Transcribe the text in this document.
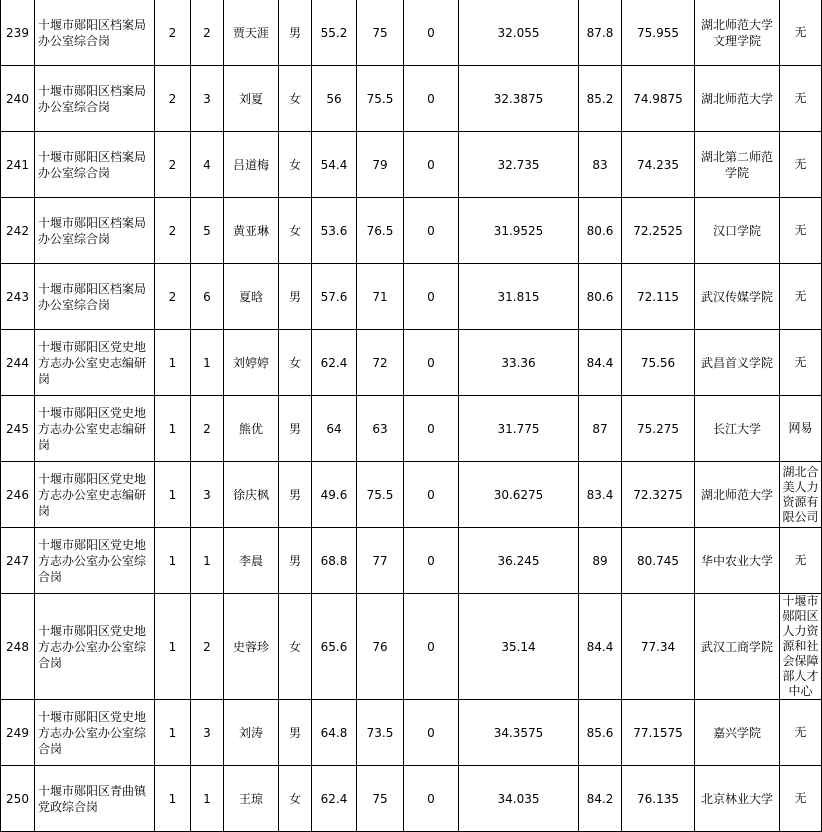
239	十堰市郧阳区档案局办公室综合岗	2	2	贾天涯	男	55.2	75	0	32.055	87.8	75.955	湖北师范大学文理学院	无
240	十堰市郧阳区档案局办公室综合岗	2	3	刘夏	女	56	75.5	0	32.3875	85.2	74.9875	湖北师范大学	无
241	十堰市郧阳区档案局办公室综合岗	2	4	吕道梅	女	54.4	79	0	32.735	83	74.235	湖北第二师范学院	无
242	十堰市郧阳区档案局办公室综合岗	2	5	黄亚琳	女	53.6	76.5	0	31.9525	80.6	72.2525	汉口学院	无
243	十堰市郧阳区档案局办公室综合岗	2	6	夏晗	男	57.6	71	0	31.815	80.6	72.115	武汉传媒学院	无
244	十堰市郧阳区党史地方志办公室史志编研岗	1	1	刘婷婷	女	62.4	72	0	33.36	84.4	75.56	武昌首义学院	无
245	十堰市郧阳区党史地方志办公室史志编研岗	1	2	熊优	男	64	63	0	31.775	87	75.275	长江大学	网易
246	十堰市郧阳区党史地方志办公室史志编研岗	1	3	徐庆枫	男	49.6	75.5	0	30.6275	83.4	72.3275	湖北师范大学	湖北合美人力资源有限公司
247	十堰市郧阳区党史地方志办公室办公室综合岗	1	1	李晨	男	68.8	77	0	36.245	89	80.745	华中农业大学	无
248	十堰市郧阳区党史地方志办公室办公室综合岗	1	2	史蓉珍	女	65.6	76	0	35.14	84.4	77.34	武汉工商学院	十堰市郧阳区人力资源和社会保障部人才中心
249	十堰市郧阳区党史地方志办公室办公室综合岗	1	3	刘涛	男	64.8	73.5	0	34.3575	85.6	77.1575	嘉兴学院	无
250	十堰市郧阳区青曲镇党政综合岗	1	1	王琼	女	62.4	75	0	34.035	84.2	76.135	北京林业大学	无
